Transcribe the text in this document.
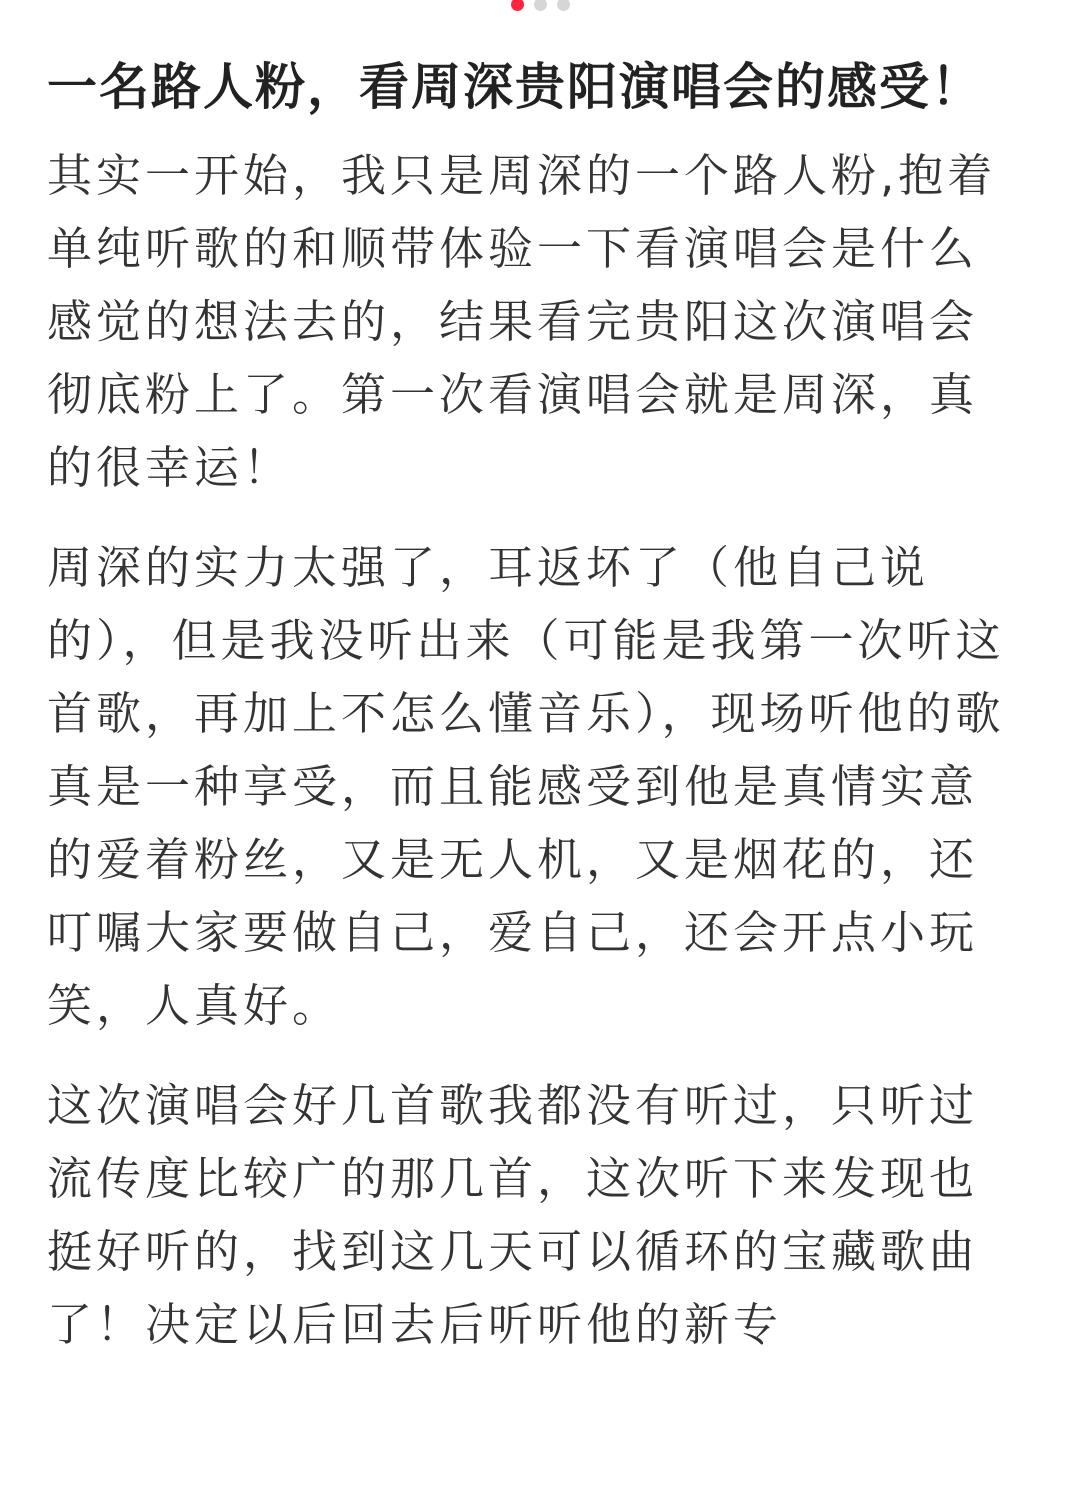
一名路人粉，看周深贵阳演唱会的感受！

其实一开始，我只是周深的一个路人粉,抱着单纯听歌的和顺带体验一下看演唱会是什么感觉的想法去的，结果看完贵阳这次演唱会彻底粉上了。第一次看演唱会就是周深，真的很幸运！

周深的实力太强了，耳返坏了（他自己说的），但是我没听出来（可能是我第一次听这首歌，再加上不怎么懂音乐），现场听他的歌真是一种享受，而且能感受到他是真情实意的爱着粉丝，又是无人机，又是烟花的，还叮嘱大家要做自己，爱自己，还会开点小玩笑，人真好。

这次演唱会好几首歌我都没有听过，只听过流传度比较广的那几首，这次听下来发现也挺好听的，找到这几天可以循环的宝藏歌曲了！决定以后回去后听听他的新专
